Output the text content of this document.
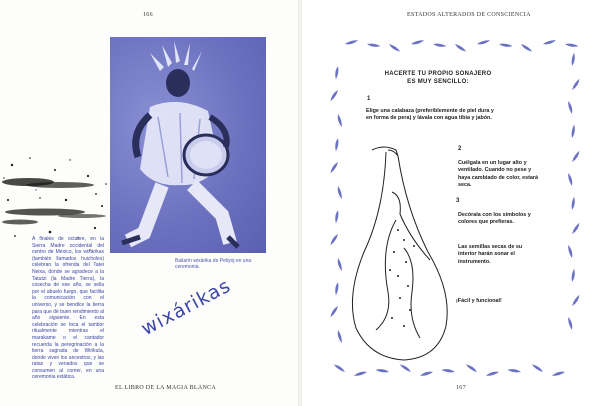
166	ESTADOS ALTERADOS DE CONSCIENCIA
EL LIBRO DE LA MAGIA BLANCA	167
Bailarín wixárika de Peliyoj en una ceremonia.
A finales de octubre, en la Sierra Madre occidental del centro de México, los wixárikas (también llamados huicholes) celebran la ofrenda del Tatei Neixa, donde se agradece a la Tatutzi (la Madre Tierra), la cosecha de ese año, se sella por el abuelo fuego, que facilita la comunicación con el universo, y se bendice la tierra para que dé buen rendimiento al año siguiente. En esta celebración se toca el tambor ritualmente mientras el marakame o el cantador recuerda la peregrinación a la tierra sagrada de Wirikuta, donde viven los ancestros, y las ratas y venados que se consumen al comer, en una ceremonia extática.
wixárikas
HACERTE TU PROPIO SONAJERO
ES MUY SENCILLO:
1
Elige una calabaza (preferiblemente de piel dura y en forma de pera) y lávala con agua tibia y jabón.
2
Cuélgala en un lugar alto y ventilado. Cuando no pese y haya cambiado de color, estará seca.
3
Decórala con los símbolos y colores que prefieras.
Las semillas secas de su interior harán sonar el instrumento.
¡Fácil y funcional!
